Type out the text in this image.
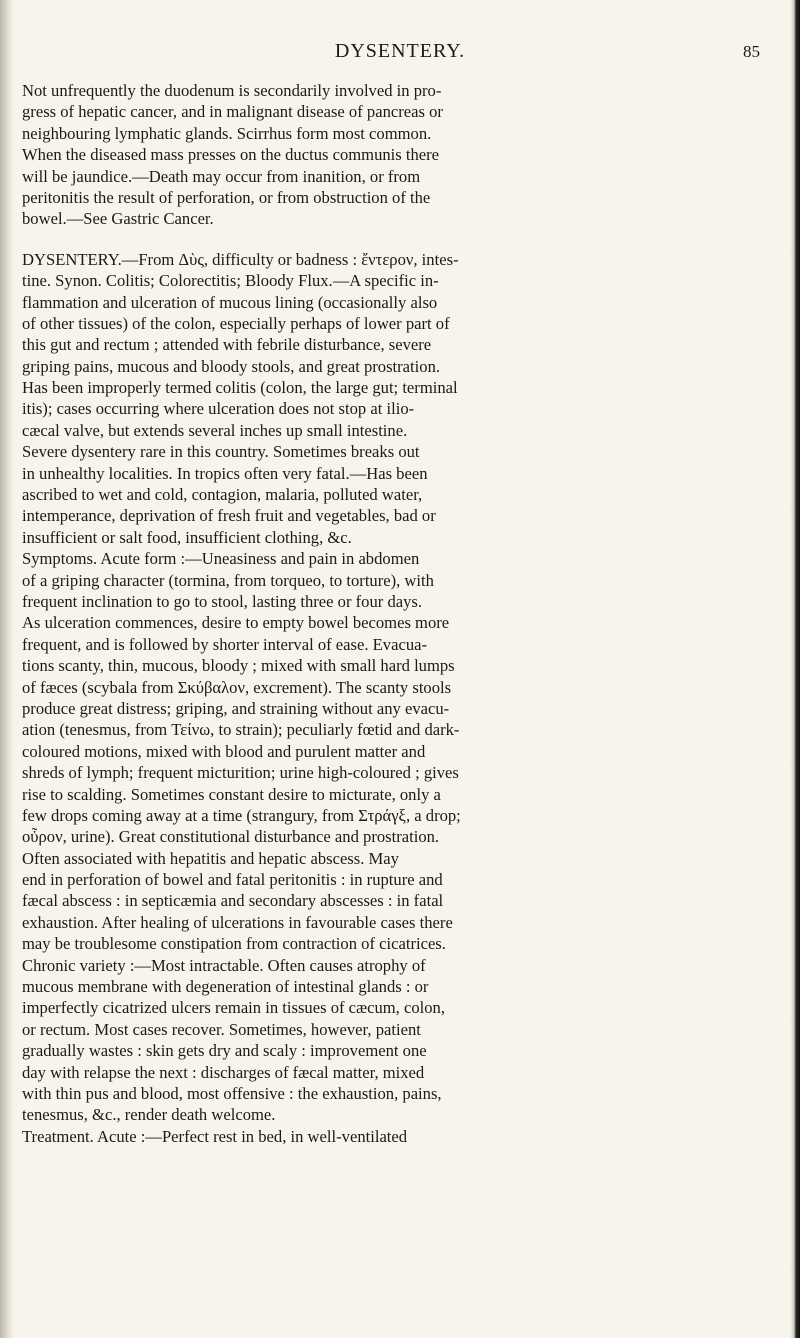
DYSENTERY.	85
Not unfrequently the duodenum is secondarily involved in pro-
gress of hepatic cancer, and in malignant disease of pancreas or
neighbouring lymphatic glands. Scirrhus form most common.
When the diseased mass presses on the ductus communis there
will be jaundice.—Death may occur from inanition, or from
peritonitis the result of perforation, or from obstruction of the
bowel.—See Gastric Cancer.
DYSENTERY.—From Δὺς, difficulty or badness : ἔντερον, intes-
tine. Synon. Colitis; Colorectitis; Bloody Flux.—A specific in-
flammation and ulceration of mucous lining (occasionally also
of other tissues) of the colon, especially perhaps of lower part of
this gut and rectum ; attended with febrile disturbance, severe
griping pains, mucous and bloody stools, and great prostration.
Has been improperly termed colitis (colon, the large gut; terminal
itis); cases occurring where ulceration does not stop at ilio-
cæcal valve, but extends several inches up small intestine.
Severe dysentery rare in this country. Sometimes breaks out
in unhealthy localities. In tropics often very fatal.—Has been
ascribed to wet and cold, contagion, malaria, polluted water,
intemperance, deprivation of fresh fruit and vegetables, bad or
insufficient or salt food, insufficient clothing, &c.
Symptoms. Acute form :—Uneasiness and pain in abdomen
of a griping character (tormina, from torqueo, to torture), with
frequent inclination to go to stool, lasting three or four days.
As ulceration commences, desire to empty bowel becomes more
frequent, and is followed by shorter interval of ease. Evacua-
tions scanty, thin, mucous, bloody ; mixed with small hard lumps
of fæces (scybala from Σκύβαλον, excrement). The scanty stools
produce great distress; griping, and straining without any evacu-
ation (tenesmus, from Τείνω, to strain); peculiarly fœtid and dark-
coloured motions, mixed with blood and purulent matter and
shreds of lymph; frequent micturition; urine high-coloured ; gives
rise to scalding. Sometimes constant desire to micturate, only a
few drops coming away at a time (strangury, from Στράγξ, a drop;
οὖρον, urine). Great constitutional disturbance and prostration.
Often associated with hepatitis and hepatic abscess. May
end in perforation of bowel and fatal peritonitis : in rupture and
fæcal abscess : in septicæmia and secondary abscesses : in fatal
exhaustion. After healing of ulcerations in favourable cases there
may be troublesome constipation from contraction of cicatrices.
Chronic variety :—Most intractable. Often causes atrophy of
mucous membrane with degeneration of intestinal glands : or
imperfectly cicatrized ulcers remain in tissues of cæcum, colon,
or rectum. Most cases recover. Sometimes, however, patient
gradually wastes : skin gets dry and scaly : improvement one
day with relapse the next : discharges of fæcal matter, mixed
with thin pus and blood, most offensive : the exhaustion, pains,
tenesmus, &c., render death welcome.
Treatment. Acute :—Perfect rest in bed, in well-ventilated
